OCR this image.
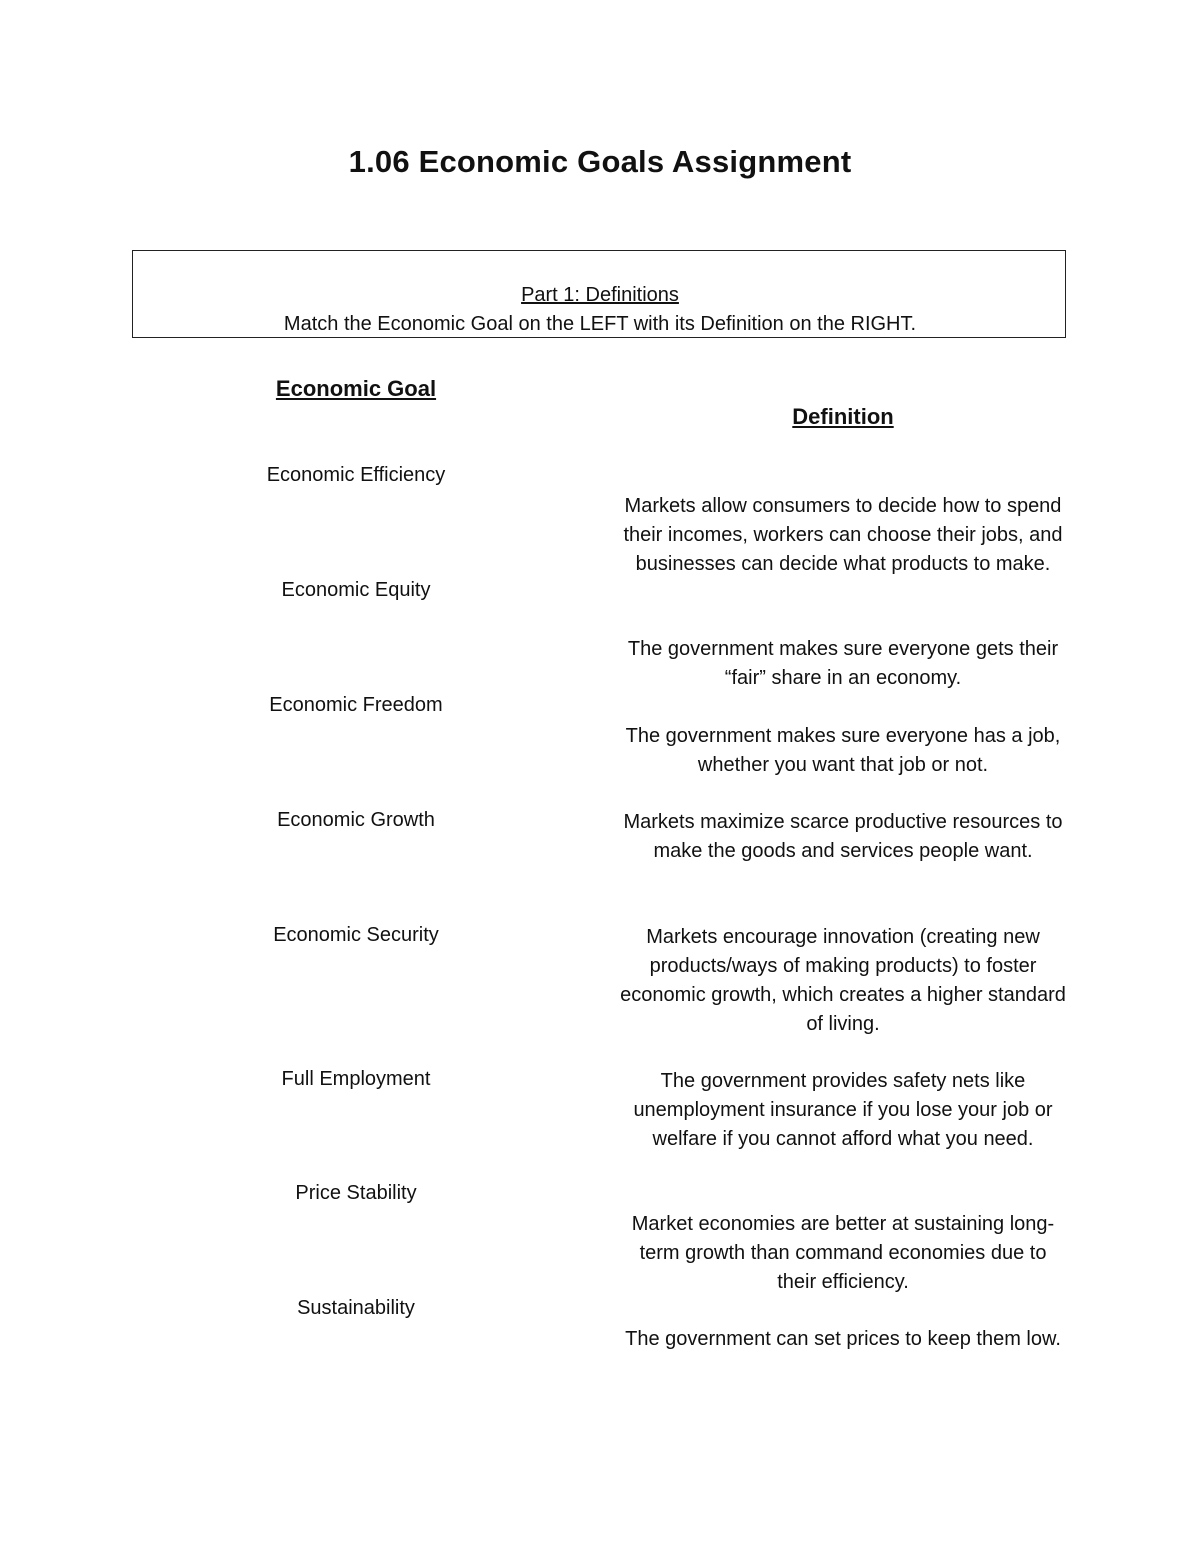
1.06 Economic Goals Assignment
Part 1: Definitions
Match the Economic Goal on the LEFT with its Definition on the RIGHT.
Economic Goal
Definition
Economic Efficiency
Economic Equity
Economic Freedom
Economic Growth
Economic Security
Full Employment
Price Stability
Sustainability
Markets allow consumers to decide how to spend their incomes, workers can choose their jobs, and businesses can decide what products to make.
The government makes sure everyone gets their “fair” share in an economy.
The government makes sure everyone has a job, whether you want that job or not.
Markets maximize scarce productive resources to make the goods and services people want.
Markets encourage innovation (creating new products/ways of making products) to foster economic growth, which creates a higher standard of living.
The government provides safety nets like unemployment insurance if you lose your job or welfare if you cannot afford what you need.
Market economies are better at sustaining long-term growth than command economies due to their efficiency.
The government can set prices to keep them low.
